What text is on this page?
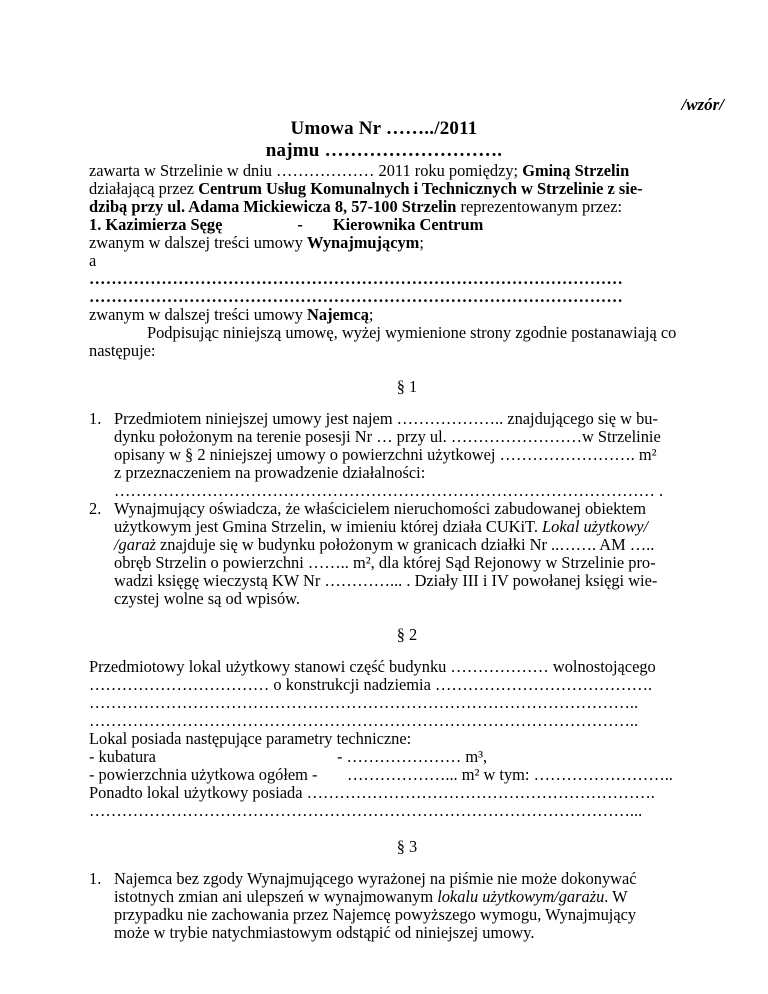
/wzór/
Umowa Nr ……../2011
najmu ……………………….

zawarta w Strzelinie w dniu ……………… 2011 roku pomiędzy; Gminą Strzelin

działającą przez Centrum Usług Komunalnych i Technicznych w Strzelinie z sie-

dzibą przy ul. Adama Mickiewicza 8, 57-100 Strzelin reprezentowanym przez:

1. Kazimierza Sęgę	- Kierownika Centrum

zwanym w dalszej treści umowy Wynajmującym;

a

……………………………………………………………………………………

……………………………………………………………………………………

zwanym w dalszej treści umowy Najemcą;

Podpisując niniejszą umowę, wyżej wymienione strony zgodnie postanawiają co

następuje:

§ 1
1. Przedmiotem niniejszej umowy jest najem ……………….. znajdującego się w bu-
dynku położonym na terenie posesji Nr … przy ul. ……………………w Strzelinie
opisany w § 2 niniejszej umowy o powierzchni użytkowej ……………………. m²
z przeznaczeniem na prowadzenie działalności:
……………………………………………………………………………………… .
2. Wynajmujący oświadcza, że właścicielem nieruchomości zabudowanej obiektem
użytkowym jest Gmina Strzelin, w imieniu której działa CUKiT. Lokal użytkowy/
/garaż znajduje się w budynku położonym w granicach działki Nr ..……. AM …..
obręb Strzelin o powierzchni …….. m², dla której Sąd Rejonowy w Strzelinie pro-
wadzi księgę wieczystą KW Nr …………... . Działy III i IV powołanej księgi wie-
czystej wolne są od wpisów.
§ 2

Przedmiotowy lokal użytkowy stanowi część budynku ……………… wolnostojącego

…………………………… o konstrukcji nadziemia ………………………………….

………………………………………………………………………………………..

………………………………………………………………………………………..

Lokal posiada następujące parametry techniczne:

- kubatura	- ………………… m³,

- powierzchnia użytkowa ogółem - ………………... m² w tym: ……………………..

Ponadto lokal użytkowy posiada ……………………………………………………….

………………………………………………………………………………………...

§ 3
1. Najemca bez zgody Wynajmującego wyrażonej na piśmie nie może dokonywać
istotnych zmian ani ulepszeń w wynajmowanym lokalu użytkowym/garażu. W
przypadku nie zachowania przez Najemcę powyższego wymogu, Wynajmujący
może w trybie natychmiastowym odstąpić od niniejszej umowy.
